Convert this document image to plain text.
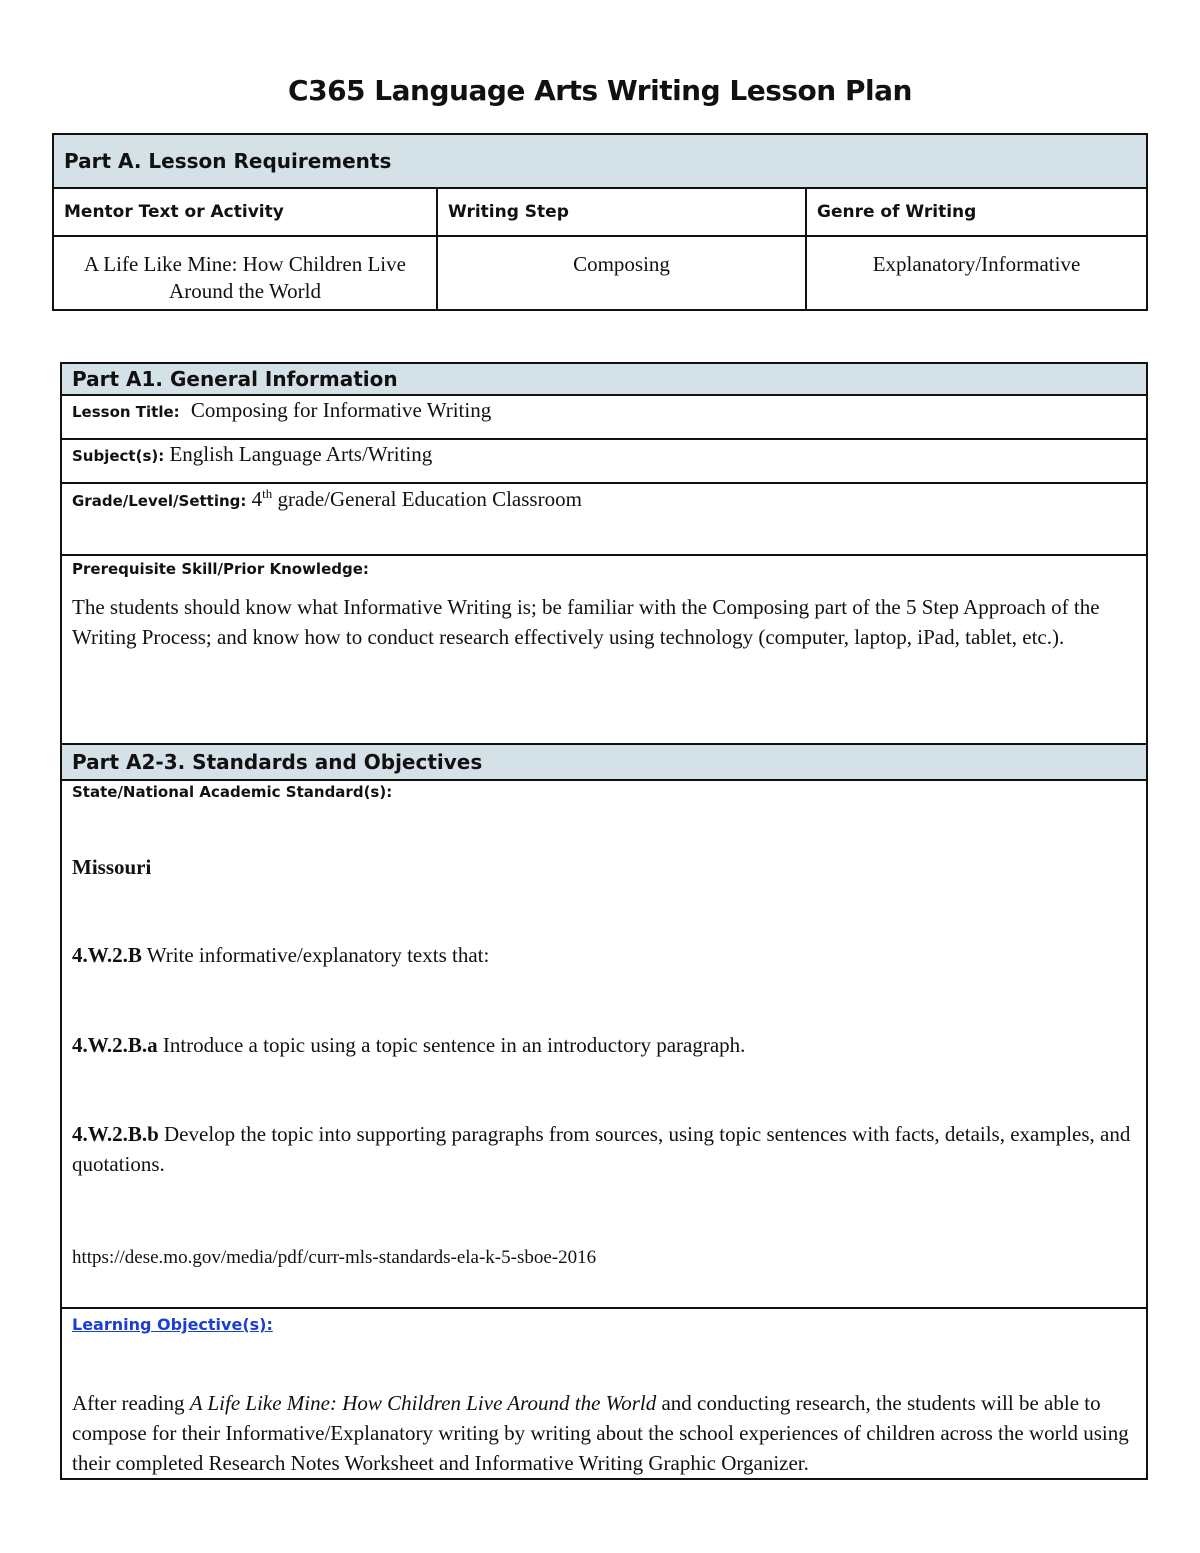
C365 Language Arts Writing Lesson Plan
Part A. Lesson Requirements		
Mentor Text or Activity	Writing Step	Genre of Writing
A Life Like Mine: How Children Live Around the World	Composing	Explanatory/Informative
Part A1. General Information
Lesson Title: Composing for Informative Writing
Subject(s): English Language Arts/Writing
Grade/Level/Setting: 4th grade/General Education Classroom

Prerequisite Skill/Prior Knowledge:
The students should know what Informative Writing is; be familiar with the Composing part of the 5 Step Approach of the Writing Process; and know how to conduct research effectively using technology (computer, laptop, iPad, tablet, etc.).

Part A2-3. Standards and Objectives

State/National Academic Standard(s):
Missouri
4.W.2.B Write informative/explanatory texts that:
4.W.2.B.a Introduce a topic using a topic sentence in an introductory paragraph.
4.W.2.B.b Develop the topic into supporting paragraphs from sources, using topic sentences with facts, details, examples, and quotations.
https://dese.mo.gov/media/pdf/curr-mls-standards-ela-k-5-sboe-2016

Learning Objective(s):
After reading A Life Like Mine: How Children Live Around the World and conducting research, the students will be able to compose for their Informative/Explanatory writing by writing about the school experiences of children across the world using their completed Research Notes Worksheet and Informative Writing Graphic Organizer.
